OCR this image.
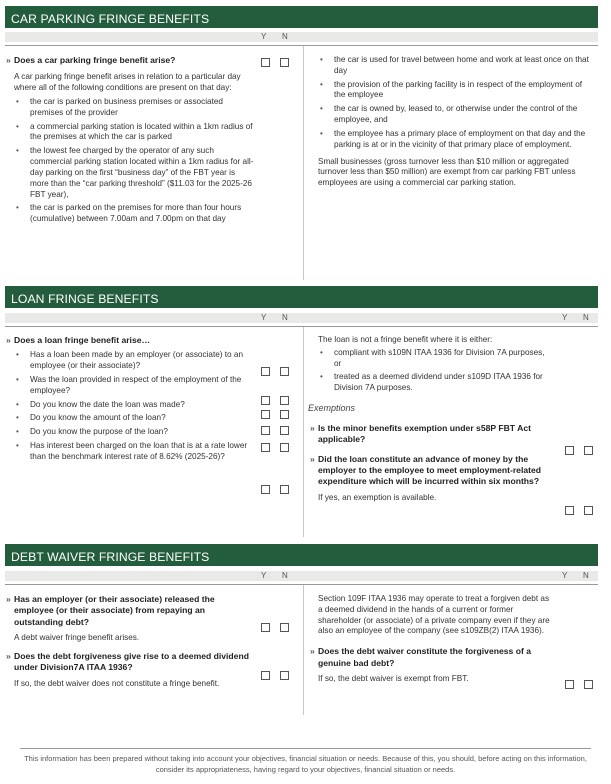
CAR PARKING FRINGE BENEFITS
Y N
» Does a car parking fringe benefit arise?
A car parking fringe benefit arises in relation to a particular day where all of the following conditions are present on that day:
• the car is parked on business premises or associated premises of the provider
• a commercial parking station is located within a 1km radius of the premises at which the car is parked
• the lowest fee charged by the operator of any such commercial parking station located within a 1km radius for all-day parking on the first “business day” of the FBT year is more than the “car parking threshold” ($11.03 for the 2025-26 FBT year),
• the car is parked on the premises for more than four hours (cumulative) between 7.00am and 7.00pm on that day
• the car is used for travel between home and work at least once on that day
• the provision of the parking facility is in respect of the employment of the employee
• the car is owned by, leased to, or otherwise under the control of the employee, and
• the employee has a primary place of employment on that day and the parking is at or in the vicinity of that primary place of employment.
Small businesses (gross turnover less than $10 million or aggregated turnover less than $50 million) are exempt from car parking FBT unless employees are using a commercial car parking station.
LOAN FRINGE BENEFITS
Y N	Y N
» Does a loan fringe benefit arise…
• Has a loan been made by an employer (or associate) to an employee (or their associate)?
• Was the loan provided in respect of the employment of the employee?
• Do you know the date the loan was made?
• Do you know the amount of the loan?
• Do you know the purpose of the loan?
• Has interest been charged on the loan that is at a rate lower than the benchmark interest rate of 8.62% (2025-26)?
The loan is not a fringe benefit where it is either:
• compliant with s109N ITAA 1936 for Division 7A purposes, or
• treated as a deemed dividend under s109D ITAA 1936 for Division 7A purposes.
Exemptions
» Is the minor benefits exemption under s58P FBT Act applicable?
» Did the loan constitute an advance of money by the employer to the employee to meet employment-related expenditure which will be incurred within six months?
If yes, an exemption is available.
DEBT WAIVER FRINGE BENEFITS
Y N	Y N
» Has an employer (or their associate) released the employee (or their associate) from repaying an outstanding debt?
A debt waiver fringe benefit arises.
» Does the debt forgiveness give rise to a deemed dividend under Division7A ITAA 1936?
If so, the debt waiver does not constitute a fringe benefit.
Section 109F ITAA 1936 may operate to treat a forgiven debt as a deemed dividend in the hands of a current or former shareholder (or associate) of a private company even if they are also an employee of the company (see s109ZB(2) ITAA 1936).
» Does the debt waiver constitute the forgiveness of a genuine bad debt?
If so, the debt waiver is exempt from FBT.
This information has been prepared without taking into account your objectives, financial situation or needs. Because of this, you should, before acting on this information, consider its appropriateness, having regard to your objectives, financial situation or needs.
